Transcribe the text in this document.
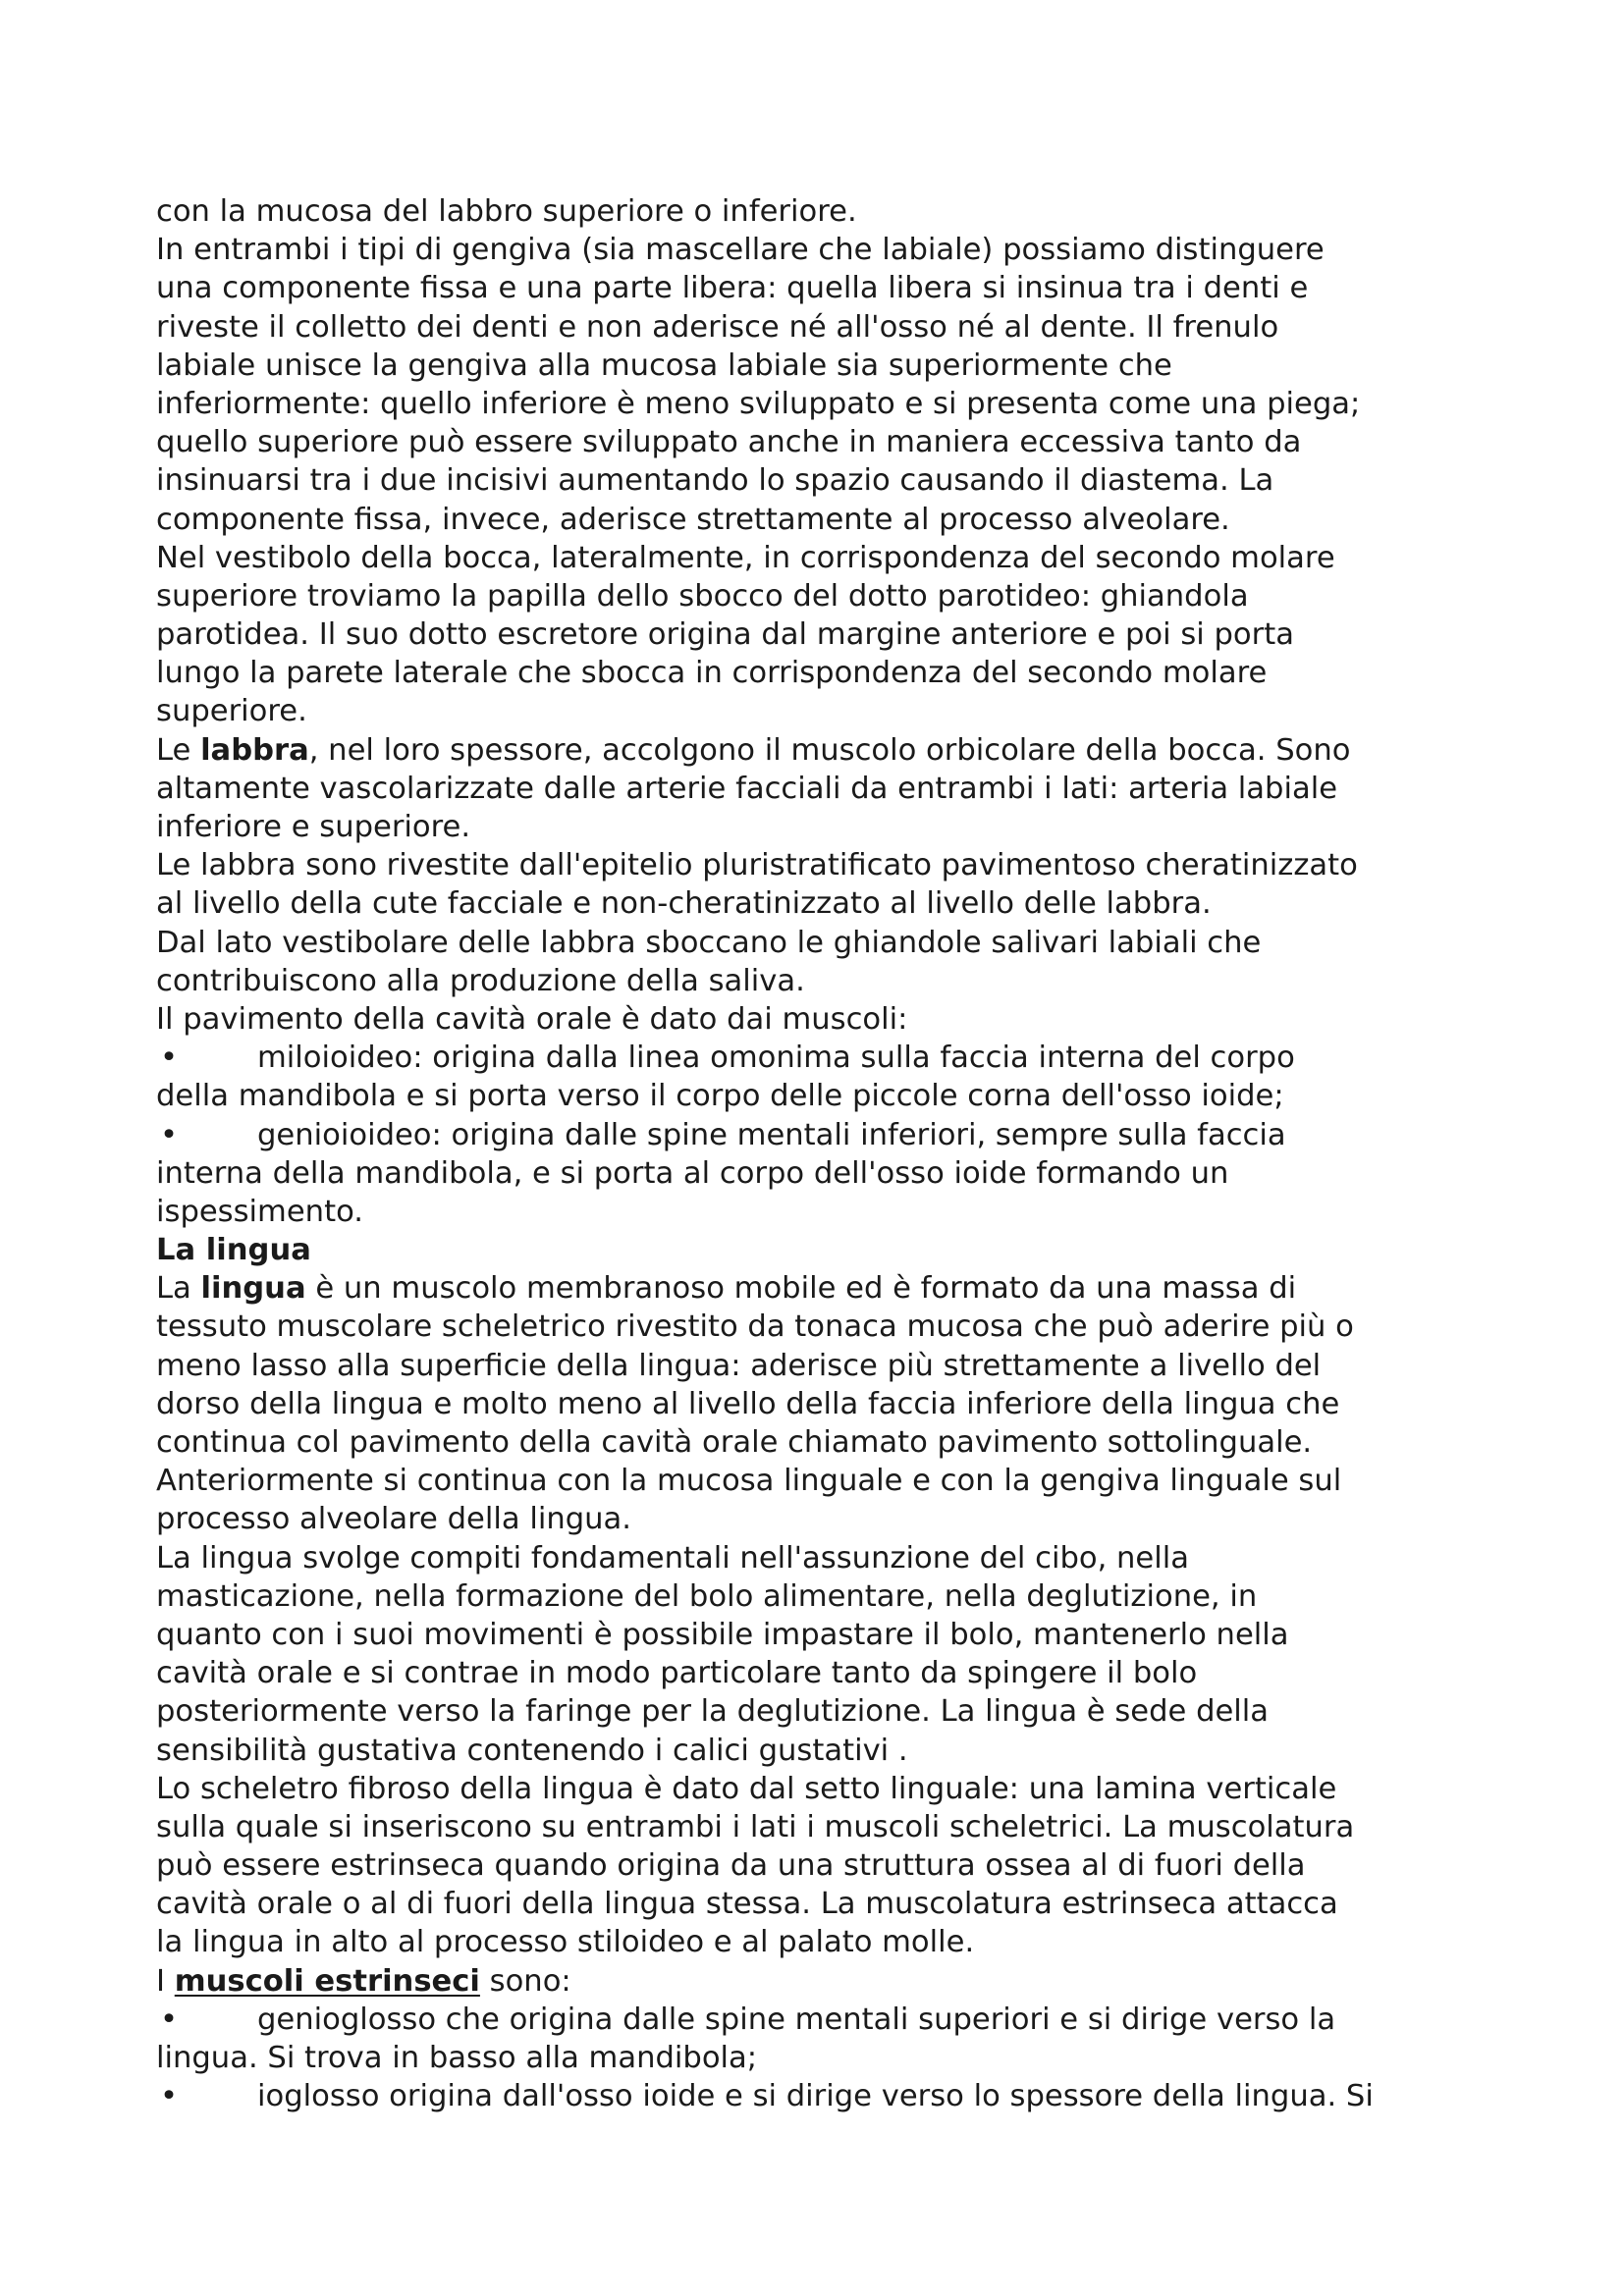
con la mucosa del labbro superiore o inferiore.
In entrambi i tipi di gengiva (sia mascellare che labiale) possiamo distinguere
una componente fissa e una parte libera: quella libera si insinua tra i denti e
riveste il colletto dei denti e non aderisce né all'osso né al dente. Il frenulo
labiale unisce la gengiva alla mucosa labiale sia superiormente che
inferiormente: quello inferiore è meno sviluppato e si presenta come una piega;
quello superiore può essere sviluppato anche in maniera eccessiva tanto da
insinuarsi tra i due incisivi aumentando lo spazio causando il diastema. La
componente fissa, invece, aderisce strettamente al processo alveolare.
Nel vestibolo della bocca, lateralmente, in corrispondenza del secondo molare
superiore troviamo la papilla dello sbocco del dotto parotideo: ghiandola
parotidea. Il suo dotto escretore origina dal margine anteriore e poi si porta
lungo la parete laterale che sbocca in corrispondenza del secondo molare
superiore.
Le labbra, nel loro spessore, accolgono il muscolo orbicolare della bocca. Sono
altamente vascolarizzate dalle arterie facciali da entrambi i lati: arteria labiale
inferiore e superiore.
Le labbra sono rivestite dall'epitelio pluristratificato pavimentoso cheratinizzato
al livello della cute facciale e non-cheratinizzato al livello delle labbra.
Dal lato vestibolare delle labbra sboccano le ghiandole salivari labiali che
contribuiscono alla produzione della saliva.
Il pavimento della cavità orale è dato dai muscoli:
•	miloioideo: origina dalla linea omonima sulla faccia interna del corpo
della mandibola e si porta verso il corpo delle piccole corna dell'osso ioide;
•	genioioideo: origina dalle spine mentali inferiori, sempre sulla faccia
interna della mandibola, e si porta al corpo dell'osso ioide formando un
ispessimento.
La lingua
La lingua è un muscolo membranoso mobile ed è formato da una massa di
tessuto muscolare scheletrico rivestito da tonaca mucosa che può aderire più o
meno lasso alla superficie della lingua: aderisce più strettamente a livello del
dorso della lingua e molto meno al livello della faccia inferiore della lingua che
continua col pavimento della cavità orale chiamato pavimento sottolinguale.
Anteriormente si continua con la mucosa linguale e con la gengiva linguale sul
processo alveolare della lingua.
La lingua svolge compiti fondamentali nell'assunzione del cibo, nella
masticazione, nella formazione del bolo alimentare, nella deglutizione, in
quanto con i suoi movimenti è possibile impastare il bolo, mantenerlo nella
cavità orale e si contrae in modo particolare tanto da spingere il bolo
posteriormente verso la faringe per la deglutizione. La lingua è sede della
sensibilità gustativa contenendo i calici gustativi .
Lo scheletro fibroso della lingua è dato dal setto linguale: una lamina verticale
sulla quale si inseriscono su entrambi i lati i muscoli scheletrici. La muscolatura
può essere estrinseca quando origina da una struttura ossea al di fuori della
cavità orale o al di fuori della lingua stessa. La muscolatura estrinseca attacca
la lingua in alto al processo stiloideo e al palato molle.
I muscoli estrinseci sono:
•	genioglosso che origina dalle spine mentali superiori e si dirige verso la
lingua. Si trova in basso alla mandibola;
•	ioglosso origina dall'osso ioide e si dirige verso lo spessore della lingua. Si
